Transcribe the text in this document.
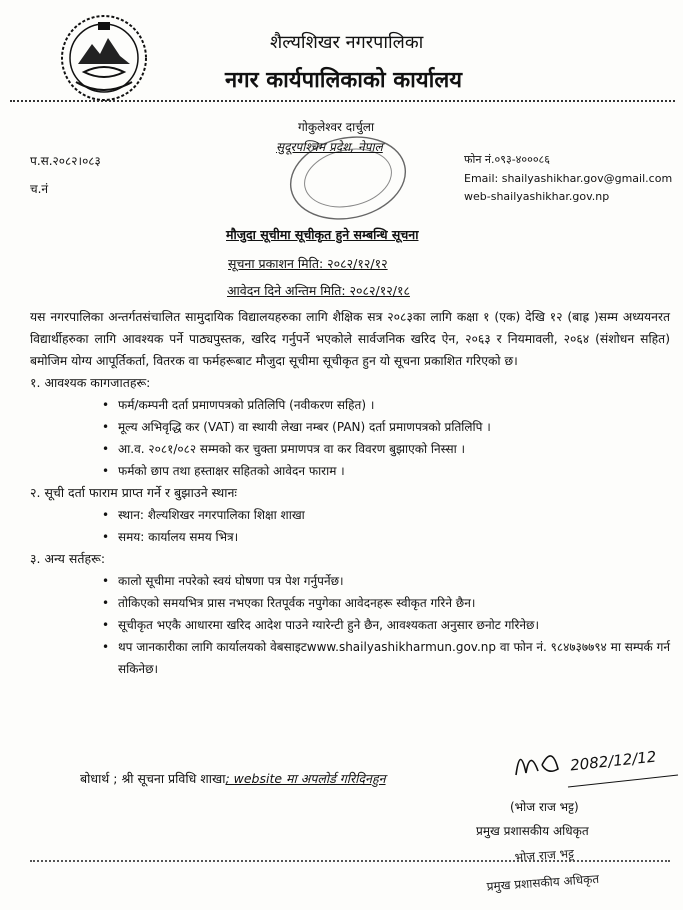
शैल्यशिखर नगरपालिका
नगर कार्यपालिकाको कार्यालय
गोकुलेश्वर दार्चुला
सुदूरपश्चिम प्रदेश, नेपाल
प.स.२०८२।०८३
च.नं
फोन नं.०९३-४०००८६
Email: shailyashikhar.gov@gmail.com
web-shailyashikhar.gov.np
मौजुदा सूचीमा सूचीकृत हुने सम्बन्धि सूचना
सूचना प्रकाशन मिति: २०८२/१२/१२
आवेदन दिने अन्तिम मिति: २०८२/१२/१८
यस नगरपालिका अन्तर्गतसंचालित सामुदायिक विद्यालयहरुका लागि शैक्षिक सत्र २०८३का लागि कक्षा १ (एक) देखि १२ (बाह्र )सम्म अध्ययनरत विद्यार्थीहरुका लागि आवश्यक पर्ने पाठ्यपुस्तक, खरिद गर्नुपर्ने भएकोले सार्वजनिक खरिद ऐन, २०६३ र नियमावली, २०६४ (संशोधन सहित) बमोजिम योग्य आपूर्तिकर्ता, वितरक वा फर्महरूबाट मौजुदा सूचीमा सूचीकृत हुन यो सूचना प्रकाशित गरिएको छ।
१. आवश्यक कागजातहरू:
• फर्म/कम्पनी दर्ता प्रमाणपत्रको प्रतिलिपि (नवीकरण सहित) ।
• मूल्य अभिवृद्धि कर (VAT) वा स्थायी लेखा नम्बर (PAN) दर्ता प्रमाणपत्रको प्रतिलिपि ।
• आ.व. २०८१/०८२ सम्मको कर चुक्ता प्रमाणपत्र वा कर विवरण बुझाएको निस्सा ।
• फर्मको छाप तथा हस्ताक्षर सहितको आवेदन फाराम ।
२. सूची दर्ता फाराम प्राप्त गर्ने र बुझाउने स्थानः
• स्थान: शैल्यशिखर नगरपालिका शिक्षा शाखा
• समय: कार्यालय समय भित्र।
३. अन्य सर्तहरू:
• कालो सूचीमा नपरेको स्वयं घोषणा पत्र पेश गर्नुपर्नेछ।
• तोकिएको समयभित्र प्रास नभएका रितपूर्वक नपुगेका आवेदनहरू स्वीकृत गरिने छैन।
• सूचीकृत भएकै आधारमा खरिद आदेश पाउने ग्यारेन्टी हुने छैन, आवश्यकता अनुसार छनोट गरिनेछ।
• थप जानकारीका लागि कार्यालयको वेबसाइटwww.shailyashikharmun.gov.np वा फोन नं. ९८४७३७७९४ मा सम्पर्क गर्न सकिनेछ।
बोधार्थ ; श्री सूचना प्रविधि शाखा; website मा अपलोर्ड गरिदिनहुन
2082/12/12
(भोज राज भट्ट)
प्रमुख प्रशासकीय अधिकृत
भोज राज भट्ट
प्रमुख प्रशासकीय अधिकृत
